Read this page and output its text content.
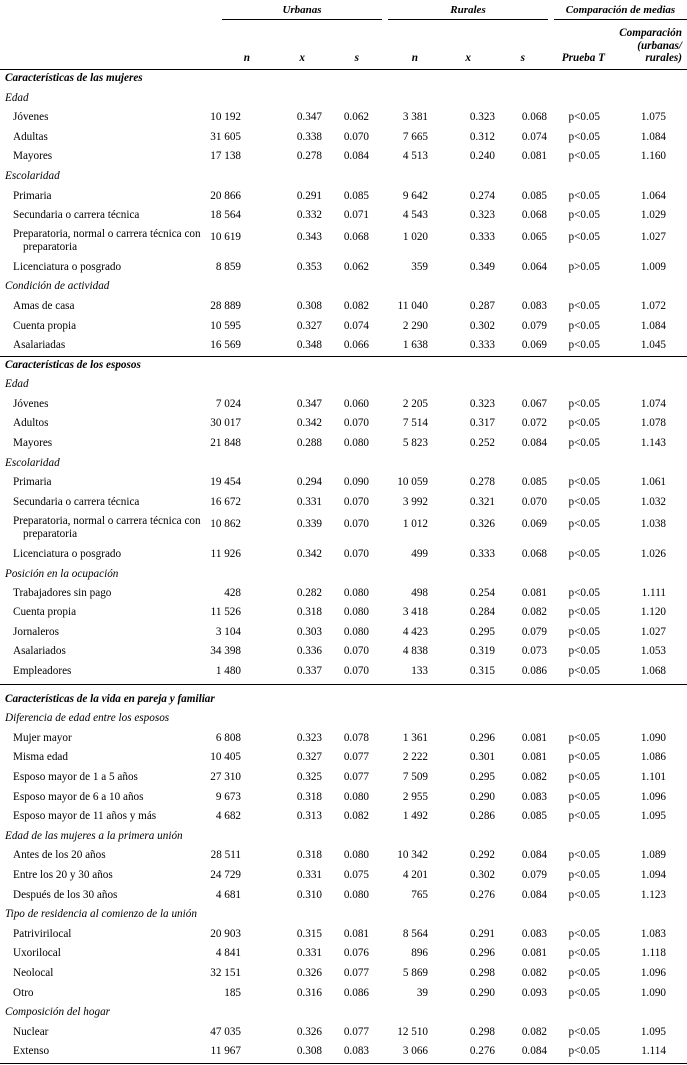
Urbanas	Rurales	Comparación de medias
n	x	s	n	x	s	Prueba T
Comparación
(urbanas/
rurales)
Características de las mujeres
Edad
Jóvenes	10 192	0.347 0.062	3 381	0.323 0.068 p<0.05	1.075
Adultas	31 605	0.338 0.070	7 665	0.312 0.074 p<0.05	1.084
Mayores	17 138	0.278 0.084	4 513	0.240 0.081 p<0.05	1.160
Escolaridad
Primaria	20 866	0.291 0.085	9 642	0.274 0.085 p<0.05	1.064
Secundaria o carrera técnica	18 564	0.332 0.071	4 543	0.323 0.068 p<0.05	1.029
Preparatoria, normal o carrera técnica con preparatoria
10 619	0.343 0.068	1 020	0.333 0.065 p<0.05	1.027
Licenciatura o posgrado	8 859	0.353 0.062	359	0.349 0.064 p>0.05	1.009
Condición de actividad
Amas de casa	28 889	0.308 0.082	11 040	0.287 0.083 p<0.05	1.072
Cuenta propia	10 595	0.327 0.074	2 290	0.302 0.079 p<0.05	1.084
Asalariadas	16 569	0.348 0.066	1 638	0.333 0.069 p<0.05	1.045
Características de los esposos
Edad
Jóvenes	7 024	0.347 0.060	2 205	0.323 0.067 p<0.05	1.074
Adultos	30 017	0.342 0.070	7 514	0.317 0.072 p<0.05	1.078
Mayores	21 848	0.288 0.080	5 823	0.252 0.084 p<0.05	1.143
Escolaridad
Primaria	19 454	0.294 0.090	10 059	0.278 0.085 p<0.05	1.061
Secundaria o carrera técnica	16 672	0.331 0.070	3 992	0.321 0.070 p<0.05	1.032
Preparatoria, normal o carrera técnica con preparatoria
10 862	0.339 0.070	1 012	0.326 0.069 p<0.05	1.038
Licenciatura o posgrado	11 926	0.342 0.070	499	0.333 0.068 p<0.05	1.026
Posición en la ocupación
Trabajadores sin pago	428	0.282 0.080	498	0.254 0.081 p<0.05	1.111
Cuenta propia	11 526	0.318 0.080	3 418	0.284 0.082 p<0.05	1.120
Jornaleros	3 104	0.303 0.080	4 423	0.295 0.079 p<0.05	1.027
Asalariados	34 398	0.336 0.070	4 838	0.319 0.073 p<0.05	1.053
Empleadores	1 480	0.337 0.070	133	0.315 0.086 p<0.05	1.068
Características de la vida en pareja y familiar
Diferencia de edad entre los esposos
Mujer mayor	6 808	0.323 0.078	1 361	0.296 0.081 p<0.05	1.090
Misma edad	10 405	0.327 0.077	2 222	0.301 0.081 p<0.05	1.086
Esposo mayor de 1 a 5 años	27 310	0.325 0.077	7 509	0.295 0.082 p<0.05	1.101
Esposo mayor de 6 a 10 años	9 673	0.318 0.080	2 955	0.290 0.083 p<0.05	1.096
Esposo mayor de 11 años y más	4 682	0.313 0.082	1 492	0.286 0.085 p<0.05	1.095
Edad de las mujeres a la primera unión
Antes de los 20 años	28 511	0.318 0.080	10 342	0.292 0.084 p<0.05	1.089
Entre los 20 y 30 años	24 729	0.331 0.075	4 201	0.302 0.079 p<0.05	1.094
Después de los 30 años	4 681	0.310 0.080	765	0.276 0.084 p<0.05	1.123
Tipo de residencia al comienzo de la unión
Patrivirilocal	20 903	0.315 0.081	8 564	0.291 0.083 p<0.05	1.083
Uxorilocal	4 841	0.331 0.076	896	0.296 0.081 p<0.05	1.118
Neolocal	32 151	0.326 0.077	5 869	0.298 0.082 p<0.05	1.096
Otro	185	0.316 0.086	39	0.290 0.093 p<0.05	1.090
Composición del hogar
Nuclear	47 035	0.326 0.077	12 510	0.298 0.082 p<0.05	1.095
Extenso	11 967	0.308 0.083	3 066	0.276 0.084 p<0.05	1.114
